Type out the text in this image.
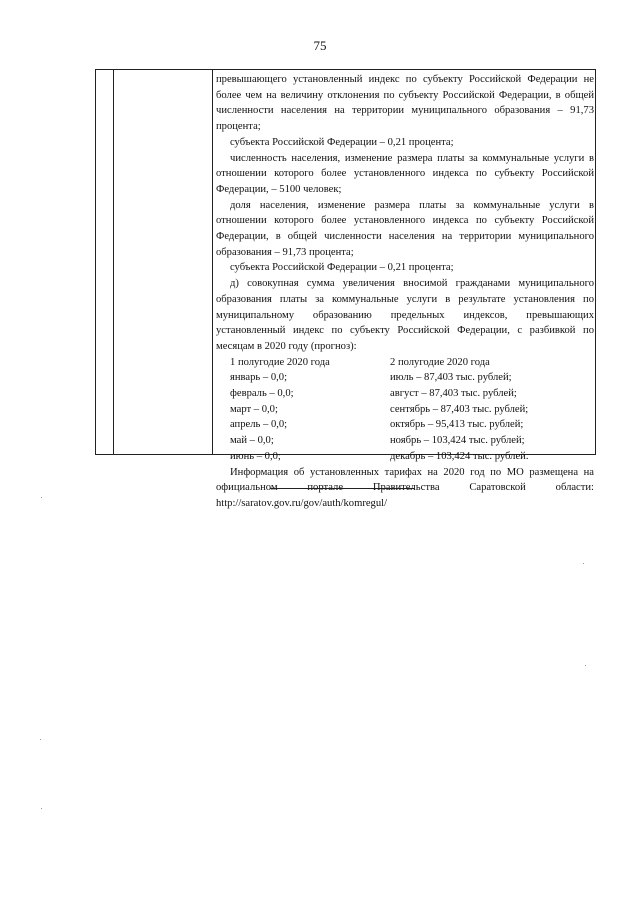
75

превышающего установленный индекс по субъекту Российской Федерации не более чем на величину отклонения по субъекту Российской Федерации, в общей численности населения на территории муниципального образования – 91,73 процента;

субъекта Российской Федерации – 0,21 процента;

численность населения, изменение размера платы за коммунальные услуги в отношении которого более установленного индекса по субъекту Российской Федерации, – 5100 человек;

доля населения, изменение размера платы за коммунальные услуги в отношении которого более установленного индекса по субъекту Российской Федерации, в общей численности населения на территории муниципального образования – 91,73 процента;

субъекта Российской Федерации – 0,21 процента;

д) совокупная сумма увеличения вносимой гражданами муниципального образования платы за коммунальные услуги в результате установления по муниципальному образованию предельных индексов, превышающих установленный индекс по субъекту Российской Федерации, с разбивкой по месяцам в 2020 году (прогноз):

1 полугодие 2020 года
январь – 0,0;
февраль – 0,0;
март – 0,0;
апрель – 0,0;
май – 0,0;
июнь – 0,0;
2 полугодие 2020 года
июль – 87,403 тыс. рублей;
август – 87,403 тыс. рублей;
сентябрь – 87,403 тыс. рублей;
октябрь – 95,413 тыс. рублей;
ноябрь – 103,424 тыс. рублей;
декабрь – 103,424 тыс. рублей.

Информация об установленных тарифах на 2020 год по МО размещена на официальном портале Правительства Саратовской области: http://saratov.gov.ru/gov/auth/komregul/
